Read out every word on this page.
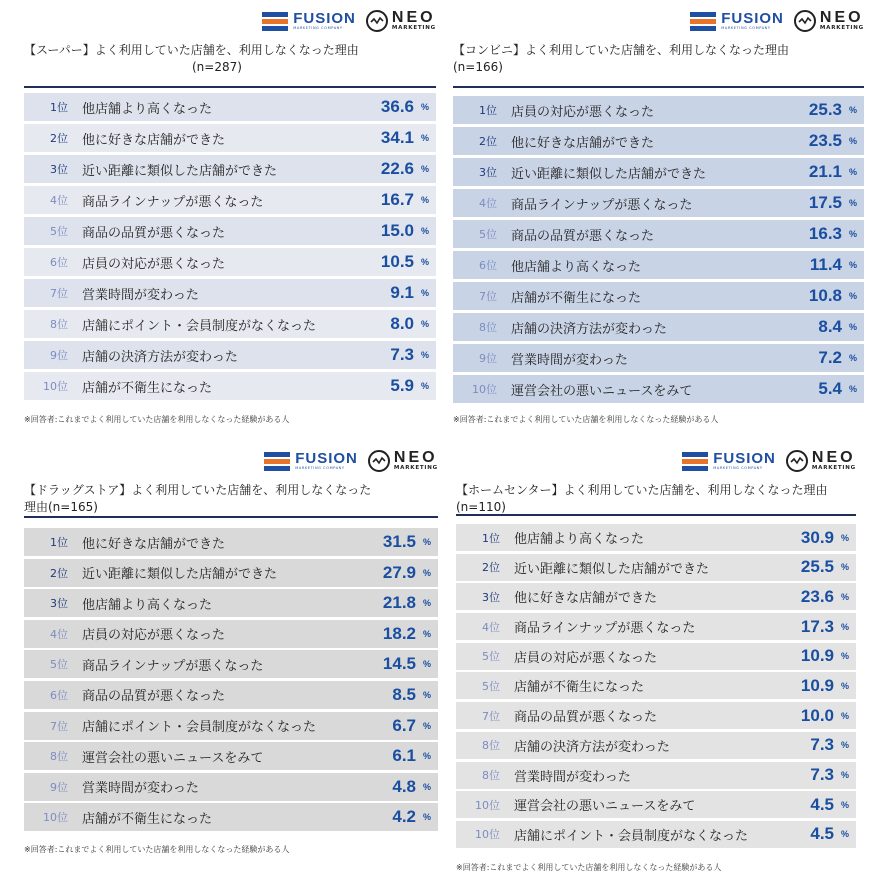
FUSION
MARKETING COMPANY
NEO
MARKETING
【スーパー】よく利用していた店舗を、利用しなくなった理由
(n=287)
1位	他店舗より高くなった	36.6 %
2位	他に好きな店舗ができた	34.1 %
3位	近い距離に類似した店舗ができた	22.6 %
4位	商品ラインナップが悪くなった	16.7 %
5位	商品の品質が悪くなった	15.0 %
6位	店員の対応が悪くなった	10.5 %
7位	営業時間が変わった	9.1 %
8位	店舗にポイント・会員制度がなくなった	8.0 %
9位	店舗の決済方法が変わった	7.3 %
10位	店舗が不衛生になった	5.9 %
※回答者:これまでよく利用していた店舗を利用しなくなった経験がある人
FUSION
MARKETING COMPANY
NEO
MARKETING
【コンビニ】よく利用していた店舗を、利用しなくなった理由
(n=166)
1位	店員の対応が悪くなった	25.3 %
2位	他に好きな店舗ができた	23.5 %
3位	近い距離に類似した店舗ができた	21.1 %
4位	商品ラインナップが悪くなった	17.5 %
5位	商品の品質が悪くなった	16.3 %
6位	他店舗より高くなった	11.4 %
7位	店舗が不衛生になった	10.8 %
8位	店舗の決済方法が変わった	8.4 %
9位	営業時間が変わった	7.2 %
10位	運営会社の悪いニュースをみて	5.4 %
※回答者:これまでよく利用していた店舗を利用しなくなった経験がある人
FUSION
MARKETING COMPANY
NEO
MARKETING
【ドラッグストア】よく利用していた店舗を、利用しなくなった
理由(n=165)
1位	他に好きな店舗ができた	31.5 %
2位	近い距離に類似した店舗ができた	27.9 %
3位	他店舗より高くなった	21.8 %
4位	店員の対応が悪くなった	18.2 %
5位	商品ラインナップが悪くなった	14.5 %
6位	商品の品質が悪くなった	8.5 %
7位	店舗にポイント・会員制度がなくなった	6.7 %
8位	運営会社の悪いニュースをみて	6.1 %
9位	営業時間が変わった	4.8 %
10位	店舗が不衛生になった	4.2 %
※回答者:これまでよく利用していた店舗を利用しなくなった経験がある人
FUSION
MARKETING COMPANY
NEO
MARKETING
【ホームセンター】よく利用していた店舗を、利用しなくなった理由
(n=110)
1位	他店舗より高くなった	30.9 %
2位	近い距離に類似した店舗ができた	25.5 %
3位	他に好きな店舗ができた	23.6 %
4位	商品ラインナップが悪くなった	17.3 %
5位	店員の対応が悪くなった	10.9 %
5位	店舗が不衛生になった	10.9 %
7位	商品の品質が悪くなった	10.0 %
8位	店舗の決済方法が変わった	7.3 %
8位	営業時間が変わった	7.3 %
10位	運営会社の悪いニュースをみて	4.5 %
10位	店舗にポイント・会員制度がなくなった	4.5 %
※回答者:これまでよく利用していた店舗を利用しなくなった経験がある人
